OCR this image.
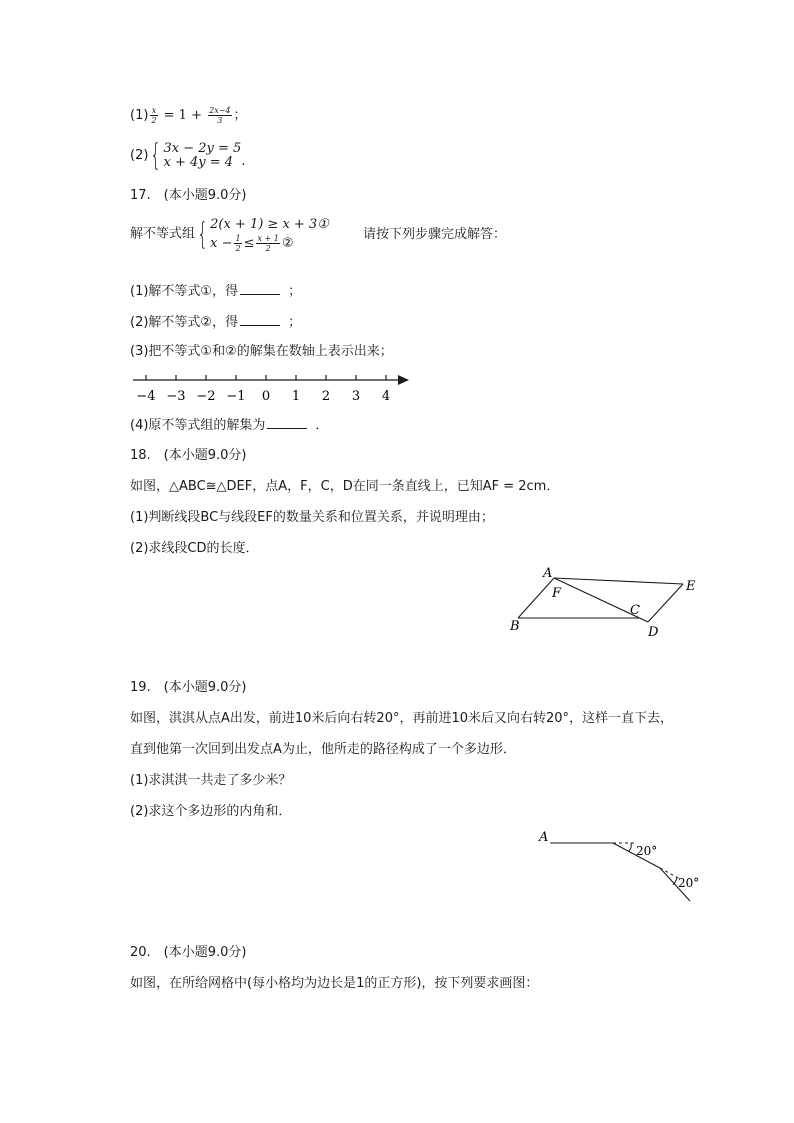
$(1) \frac{x}{2} = 1 + \frac{2x-4}{3}$ ；
(2){ 3x − 2y = 5
x + 4y = 4 .
17.　(本小题9.0分)
解不等式组{ 2(x + 1) ≥ x + 3①
$x - \frac{1}{2} \le \frac{x + 1}{2}$ ②
请按下列步骤完成解答：
(1)解不等式①，得	；
(2)解不等式②，得	；
(3)把不等式①和②的解集在数轴上表示出来；
−4 −3 −2 −1 0 1 2 3 4
(4)原不等式组的解集为	．
18.　(本小题9.0分)
如图，△ABC≅△DEF，点A，F，C，D在同一条直线上，已知AF = 2cm．
(1)判断线段BC与线段EF的数量关系和位置关系，并说明理由；
(2)求线段CD的长度．
A
B
C
D
E
F
19.　(本小题9.0分)
如图，淇淇从点A出发，前进10米后向右转20°，再前进10米后又向右转20°，这样一直下去，
直到他第一次回到出发点A为止，他所走的路径构成了一个多边形．
(1)求淇淇一共走了多少米？
(2)求这个多边形的内角和．
A
20°
20°
20.　(本小题9.0分)
如图，在所给网格中(每小格均为边长是1的正方形)，按下列要求画图：
